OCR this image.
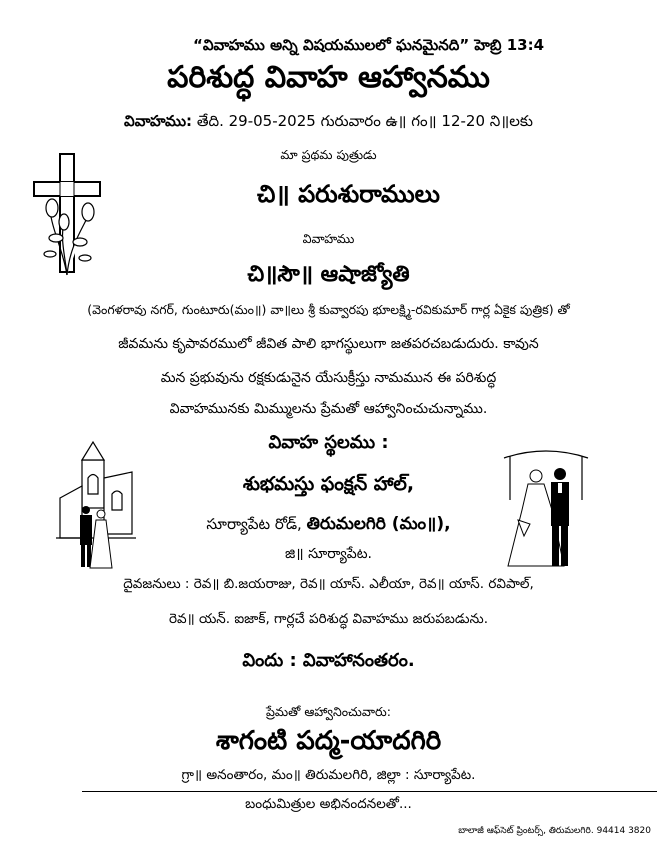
“వివాహము అన్ని విషయములలో ఘనమైనది” హెబ్రి 13:4
పరిశుద్ధ వివాహ ఆహ్వానము
వివాహము: తేది. 29-05-2025 గురువారం ఉ॥ గం॥ 12-20 ని॥లకు
మా ప్రథమ పుత్రుడు
చి॥ పరుశురాములు
వివాహము
చి॥సౌ॥ ఆషాజ్యోతి
(వెంగళరావు నగర్, గుంటూరు(మం॥) వా॥లు శ్రీ కువ్వారపు భూలక్ష్మి-రవికుమార్ గార్ల ఏకైక పుత్రిక) తో
జీవమను కృపావరములో జీవిత పాలి భాగస్థులుగా జతపరచబడుదురు. కావున
మన ప్రభువును రక్షకుడునైన యేసుక్రీస్తు నామమున ఈ పరిశుద్ధ
వివాహమునకు మిమ్ములను ప్రేమతో ఆహ్వానించుచున్నాము.
వివాహ స్థలము :
శుభమస్తు ఫంక్షన్ హాల్,
సూర్యాపేట రోడ్, తిరుమలగిరి (మం॥),
జి॥ సూర్యాపేట.
దైవజనులు : రెవ॥ బి.జయరాజు, రెవ॥ యాస్. ఎలీయా, రెవ॥ యాస్. రవిపాల్,
రెవ॥ యన్. ఐజాక్, గార్లచే పరిశుద్ధ వివాహము జరుపబడును.
విందు : వివాహానంతరం.
ప్రేమతో ఆహ్వానించువారు:
శాగంటి పద్మ-యాదగిరి
గ్రా॥ అనంతారం, మం॥ తిరుమలగిరి, జిల్లా : సూర్యాపేట.
బంధుమిత్రుల అభినందనలతో...
బాలాజీ ఆఫ్‌సెట్ ప్రింటర్స్, తిరుమలగిరి. 94414 3820
